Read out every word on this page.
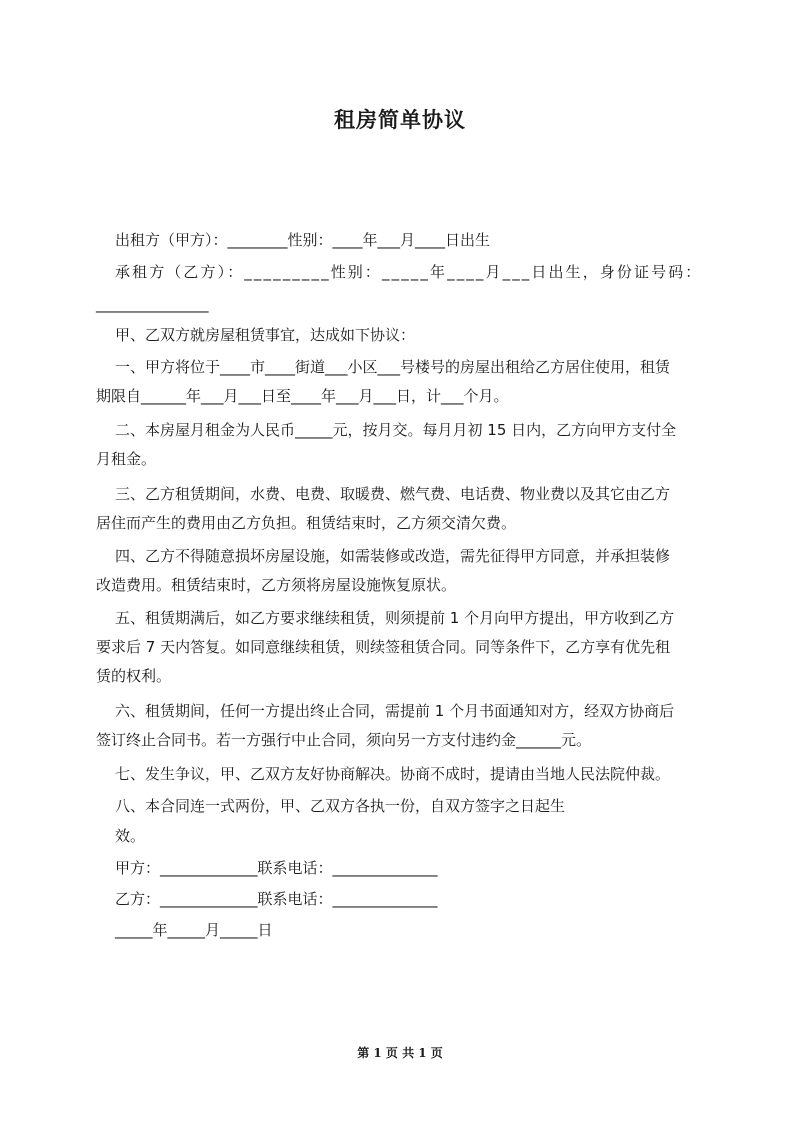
租房简单协议
出租方（甲方）：________性别：____年___月____日出生
承租方（乙方）：_________性别：_____年____月___日出生，身份证号码：
_______________
甲、乙双方就房屋租赁事宜，达成如下协议：
一、甲方将位于____市____街道___小区___号楼号的房屋出租给乙方居住使用，租赁
期限自______年___月___日至____年___月___日，计___个月。
二、本房屋月租金为人民币_____元，按月交。每月月初 15 日内，乙方向甲方支付全
月租金。
三、乙方租赁期间，水费、电费、取暖费、燃气费、电话费、物业费以及其它由乙方
居住而产生的费用由乙方负担。租赁结束时，乙方须交清欠费。
四、乙方不得随意损坏房屋设施，如需装修或改造，需先征得甲方同意，并承担装修
改造费用。租赁结束时，乙方须将房屋设施恢复原状。
五、租赁期满后，如乙方要求继续租赁，则须提前 1 个月向甲方提出，甲方收到乙方
要求后 7 天内答复。如同意继续租赁，则续签租赁合同。同等条件下，乙方享有优先租
赁的权利。
六、租赁期间，任何一方提出终止合同，需提前 1 个月书面通知对方，经双方协商后
签订终止合同书。若一方强行中止合同，须向另一方支付违约金______元。
七、发生争议，甲、乙双方友好协商解决。协商不成时，提请由当地人民法院仲裁。
八、本合同连一式两份，甲、乙双方各执一份，自双方签字之日起生
效。
甲方：_____________联系电话：______________
乙方：_____________联系电话：______________
_____年_____月_____日
第 1 页 共 1 页
